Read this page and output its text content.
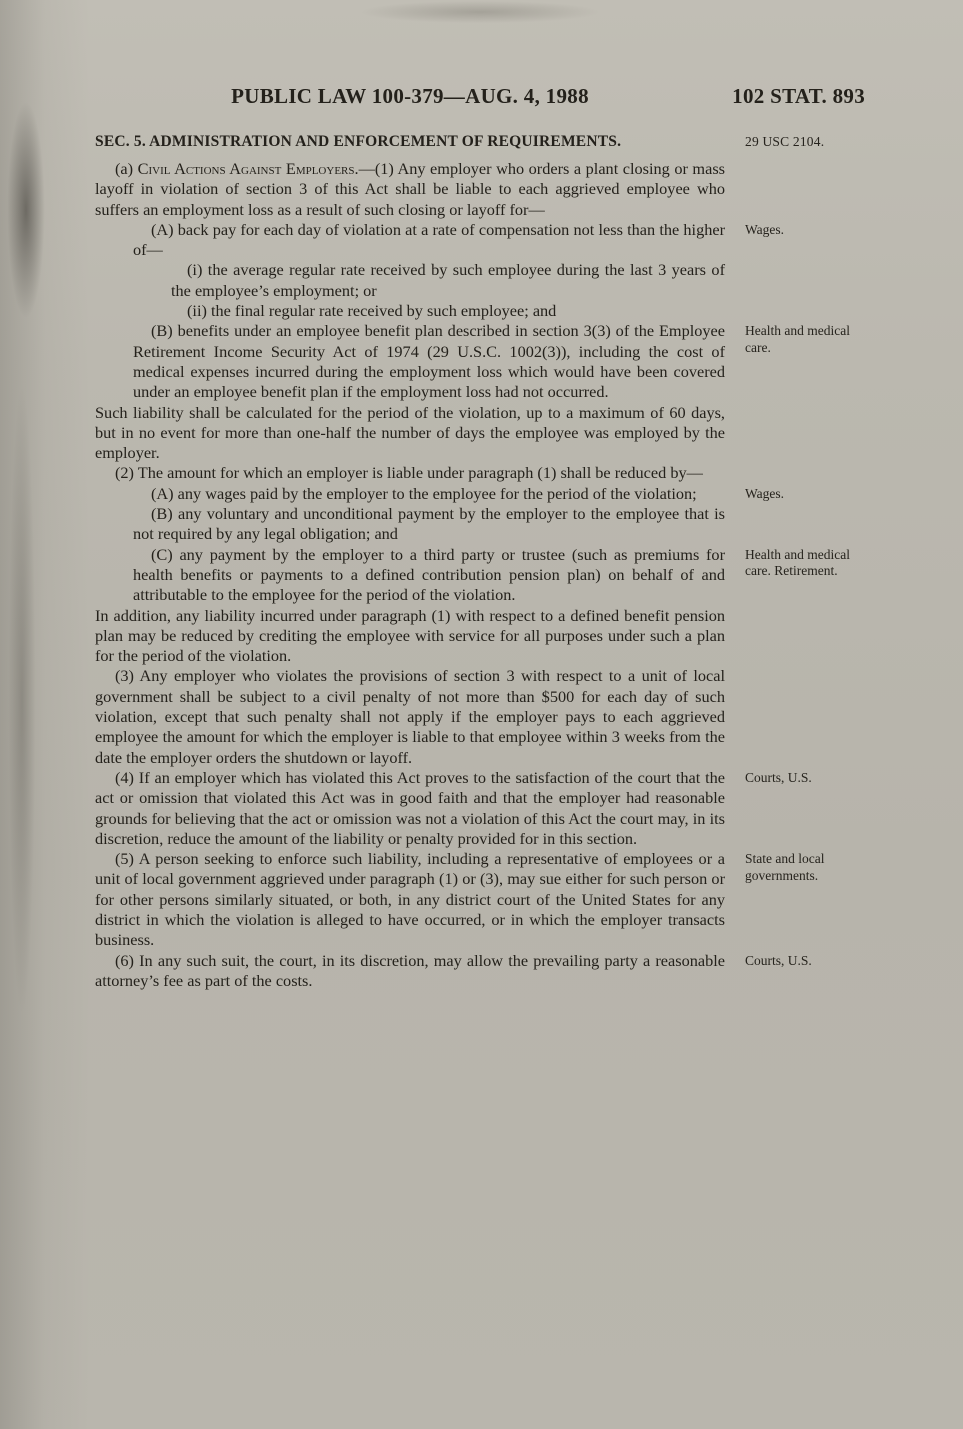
PUBLIC LAW 100-379—AUG. 4, 1988	102 STAT. 893
SEC. 5. ADMINISTRATION AND ENFORCEMENT OF REQUIREMENTS.	29 USC 2104.
(a) Civil Actions Against Employers.—(1) Any employer who orders a plant closing or mass layoff in violation of section 3 of this Act shall be liable to each aggrieved employee who suffers an employment loss as a result of such closing or layoff for—
(A) back pay for each day of violation at a rate of compensation not less than the higher of—
Wages.
(i) the average regular rate received by such employee during the last 3 years of the employee’s employment; or
(ii) the final regular rate received by such employee; and
(B) benefits under an employee benefit plan described in section 3(3) of the Employee Retirement Income Security Act of 1974 (29 U.S.C. 1002(3)), including the cost of medical expenses incurred during the employment loss which would have been covered under an employee benefit plan if the employment loss had not occurred.
Health and medical care.
Such liability shall be calculated for the period of the violation, up to a maximum of 60 days, but in no event for more than one-half the number of days the employee was employed by the employer.
(2) The amount for which an employer is liable under paragraph (1) shall be reduced by—
(A) any wages paid by the employer to the employee for the period of the violation;	Wages.
(B) any voluntary and unconditional payment by the employer to the employee that is not required by any legal obligation; and
(C) any payment by the employer to a third party or trustee (such as premiums for health benefits or payments to a defined contribution pension plan) on behalf of and attributable to the employee for the period of the violation.
Health and medical care. Retirement.
In addition, any liability incurred under paragraph (1) with respect to a defined benefit pension plan may be reduced by crediting the employee with service for all purposes under such a plan for the period of the violation.
(3) Any employer who violates the provisions of section 3 with respect to a unit of local government shall be subject to a civil penalty of not more than $500 for each day of such violation, except that such penalty shall not apply if the employer pays to each aggrieved employee the amount for which the employer is liable to that employee within 3 weeks from the date the employer orders the shutdown or layoff.
(4) If an employer which has violated this Act proves to the satisfaction of the court that the act or omission that violated this Act was in good faith and that the employer had reasonable grounds for believing that the act or omission was not a violation of this Act the court may, in its discretion, reduce the amount of the liability or penalty provided for in this section.
Courts, U.S.
(5) A person seeking to enforce such liability, including a representative of employees or a unit of local government aggrieved under paragraph (1) or (3), may sue either for such person or for other persons similarly situated, or both, in any district court of the United States for any district in which the violation is alleged to have occurred, or in which the employer transacts business.
State and local governments.
(6) In any such suit, the court, in its discretion, may allow the prevailing party a reasonable attorney’s fee as part of the costs.
Courts, U.S.
